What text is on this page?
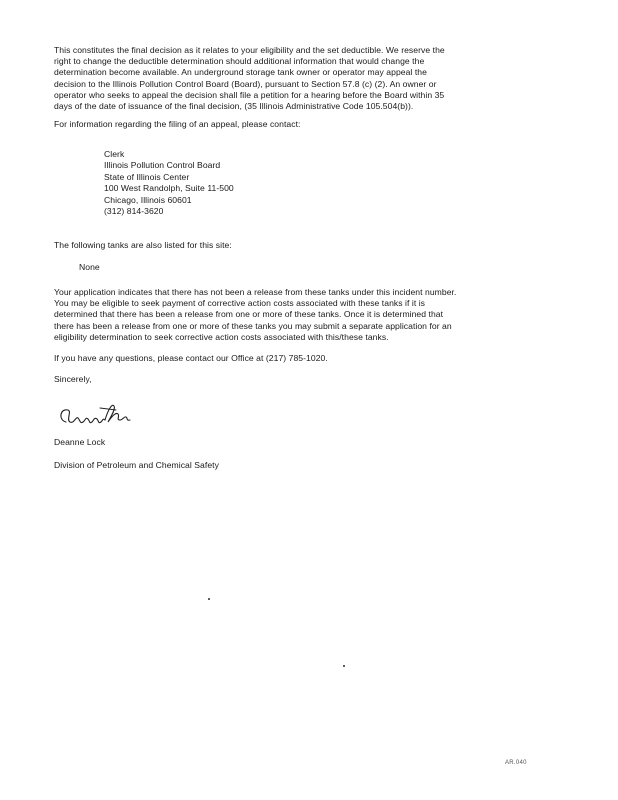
This constitutes the final decision as it relates to your eligibility and the set deductible. We reserve the
right to change the deductible determination should additional information that would change the
determination become available. An underground storage tank owner or operator may appeal the
decision to the Illinois Pollution Control Board (Board), pursuant to Section 57.8 (c) (2). An owner or
operator who seeks to appeal the decision shall file a petition for a hearing before the Board within 35
days of the date of issuance of the final decision, (35 Illinois Administrative Code 105.504(b)).
For information regarding the filing of an appeal, please contact:
Clerk
Illinois Pollution Control Board
State of Illinois Center
100 West Randolph, Suite 11-500
Chicago, Illinois 60601
(312) 814-3620
The following tanks are also listed for this site:
None
Your application indicates that there has not been a release from these tanks under this incident number.
You may be eligible to seek payment of corrective action costs associated with these tanks if it is
determined that there has been a release from one or more of these tanks. Once it is determined that
there has been a release from one or more of these tanks you may submit a separate application for an
eligibility determination to seek corrective action costs associated with this/these tanks.
If you have any questions, please contact our Office at (217) 785-1020.
Sincerely,
Deanne Lock
Division of Petroleum and Chemical Safety
AR.040
